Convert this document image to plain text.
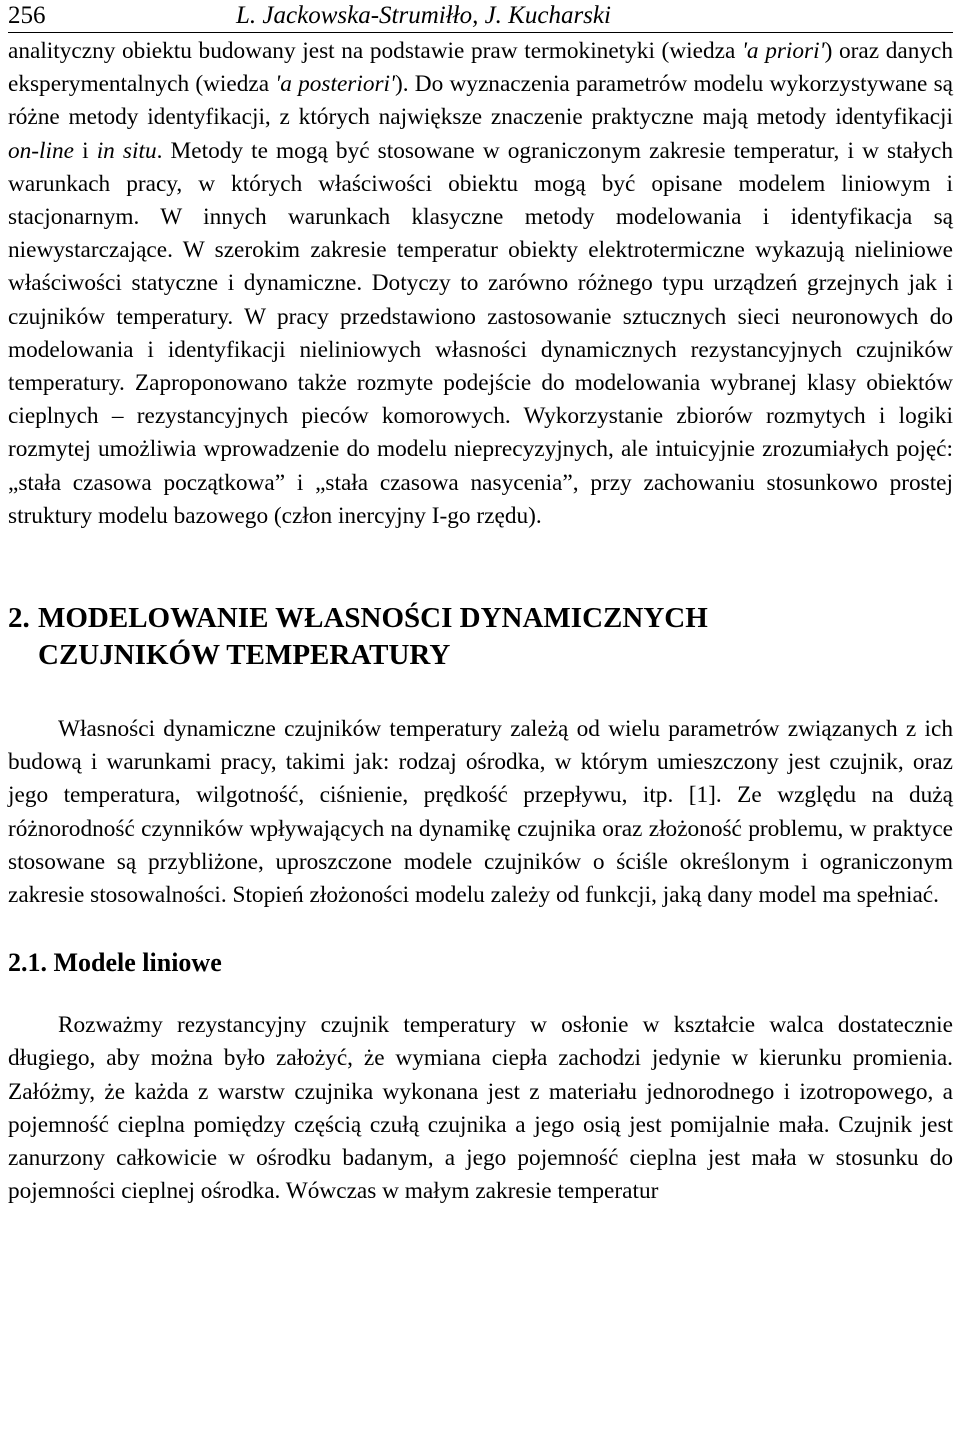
256	L. Jackowska-Strumiłło, J. Kucharski

analityczny obiektu budowany jest na podstawie praw termokinetyki (wiedza 'a priori') oraz danych eksperymentalnych (wiedza 'a posteriori'). Do wyznaczenia parametrów modelu wykorzystywane są różne metody identyfikacji, z których największe znaczenie praktyczne mają metody identyfikacji on-line i in situ. Metody te mogą być stosowane w ograniczonym zakresie temperatur, i w stałych warunkach pracy, w których właściwości obiektu mogą być opisane modelem liniowym i stacjonarnym. W innych warunkach klasyczne metody modelowania i identyfikacja są niewystarczające. W szerokim zakresie temperatur obiekty elektrotermiczne wykazują nieliniowe właściwości statyczne i dynamiczne. Dotyczy to zarówno różnego typu urządzeń grzejnych jak i czujników temperatury. W pracy przedstawiono zastosowanie sztucznych sieci neuronowych do modelowania i identyfikacji nieliniowych własności dynamicznych rezystancyjnych czujników temperatury. Zaproponowano także rozmyte podejście do modelowania wybranej klasy obiektów cieplnych – rezystancyjnych pieców komorowych. Wykorzystanie zbiorów rozmytych i logiki rozmytej umożliwia wprowadzenie do modelu nieprecyzyjnych, ale intuicyjnie zrozumiałych pojęć: „stała czasowa początkowa” i „stała czasowa nasycenia”, przy zachowaniu stosunkowo prostej struktury modelu bazowego (człon inercyjny I-go rzędu).

2. MODELOWANIE WŁASNOŚCI DYNAMICZNYCH
CZUJNIKÓW TEMPERATURY

Własności dynamiczne czujników temperatury zależą od wielu parametrów związanych z ich budową i warunkami pracy, takimi jak: rodzaj ośrodka, w którym umieszczony jest czujnik, oraz jego temperatura, wilgotność, ciśnienie, prędkość przepływu, itp. [1]. Ze względu na dużą różnorodność czynników wpływających na dynamikę czujnika oraz złożoność problemu, w praktyce stosowane są przybliżone, uproszczone modele czujników o ściśle określonym i ograniczonym zakresie stosowalności. Stopień złożoności modelu zależy od funkcji, jaką dany model ma spełniać.

2.1. Modele liniowe

Rozważmy rezystancyjny czujnik temperatury w osłonie w kształcie walca dostatecznie długiego, aby można było założyć, że wymiana ciepła zachodzi jedynie w kierunku promienia. Załóżmy, że każda z warstw czujnika wykonana jest z materiału jednorodnego i izotropowego, a pojemność cieplna pomiędzy częścią czułą czujnika a jego osią jest pomijalnie mała. Czujnik jest zanurzony całkowicie w ośrodku badanym, a jego pojemność cieplna jest mała w stosunku do pojemności cieplnej ośrodka. Wówczas w małym zakresie temperatur
